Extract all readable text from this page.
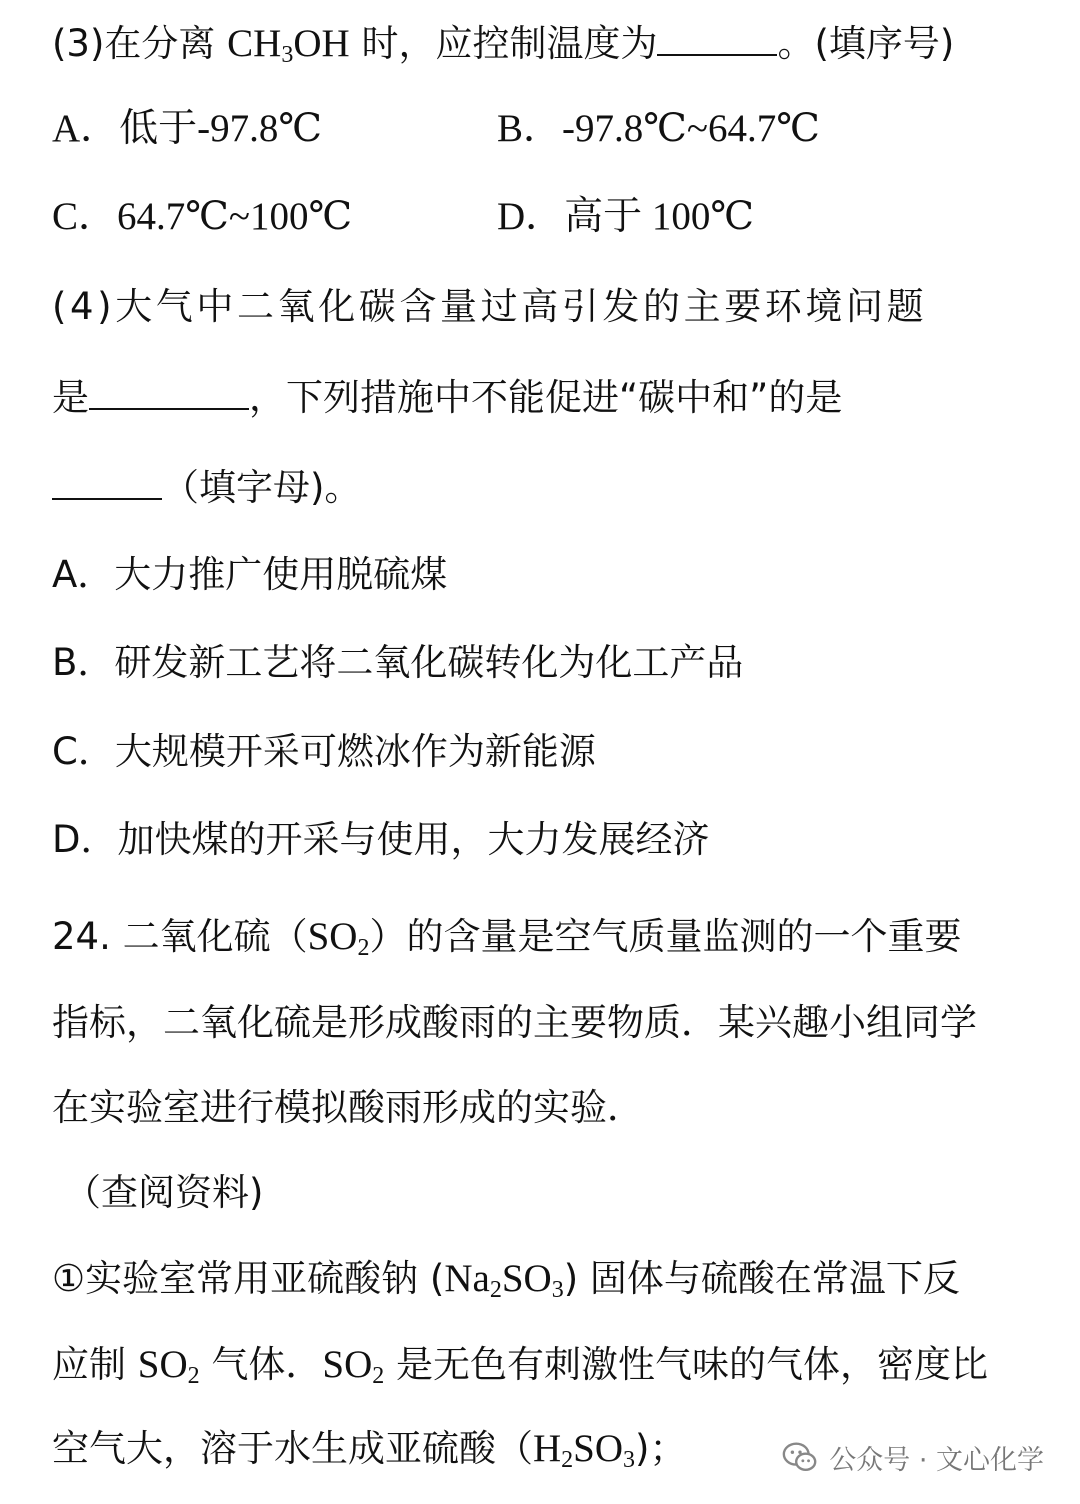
(3)在分离 CH3OH 时，应控制温度为	。(填序号)
A．低于-97.8℃	B．-97.8℃~64.7℃
C．64.7℃~100℃	D．高于 100℃
(4)大气中二氧化碳含量过高引发的主要环境问题
是	，下列措施中不能促进“碳中和”的是
（填字母)。
A．大力推广使用脱硫煤
B．研发新工艺将二氧化碳转化为化工产品
C．大规模开采可燃冰作为新能源
D．加快煤的开采与使用，大力发展经济
24. 二氧化硫（SO2）的含量是空气质量监测的一个重要
指标，二氧化硫是形成酸雨的主要物质．某兴趣小组同学
在实验室进行模拟酸雨形成的实验．
（查阅资料)
①实验室常用亚硫酸钠 (Na2SO3) 固体与硫酸在常温下反
应制 SO2 气体．SO2 是无色有刺激性气味的气体，密度比
空气大，溶于水生成亚硫酸（H2SO3)；	公众号 · 文心化学
